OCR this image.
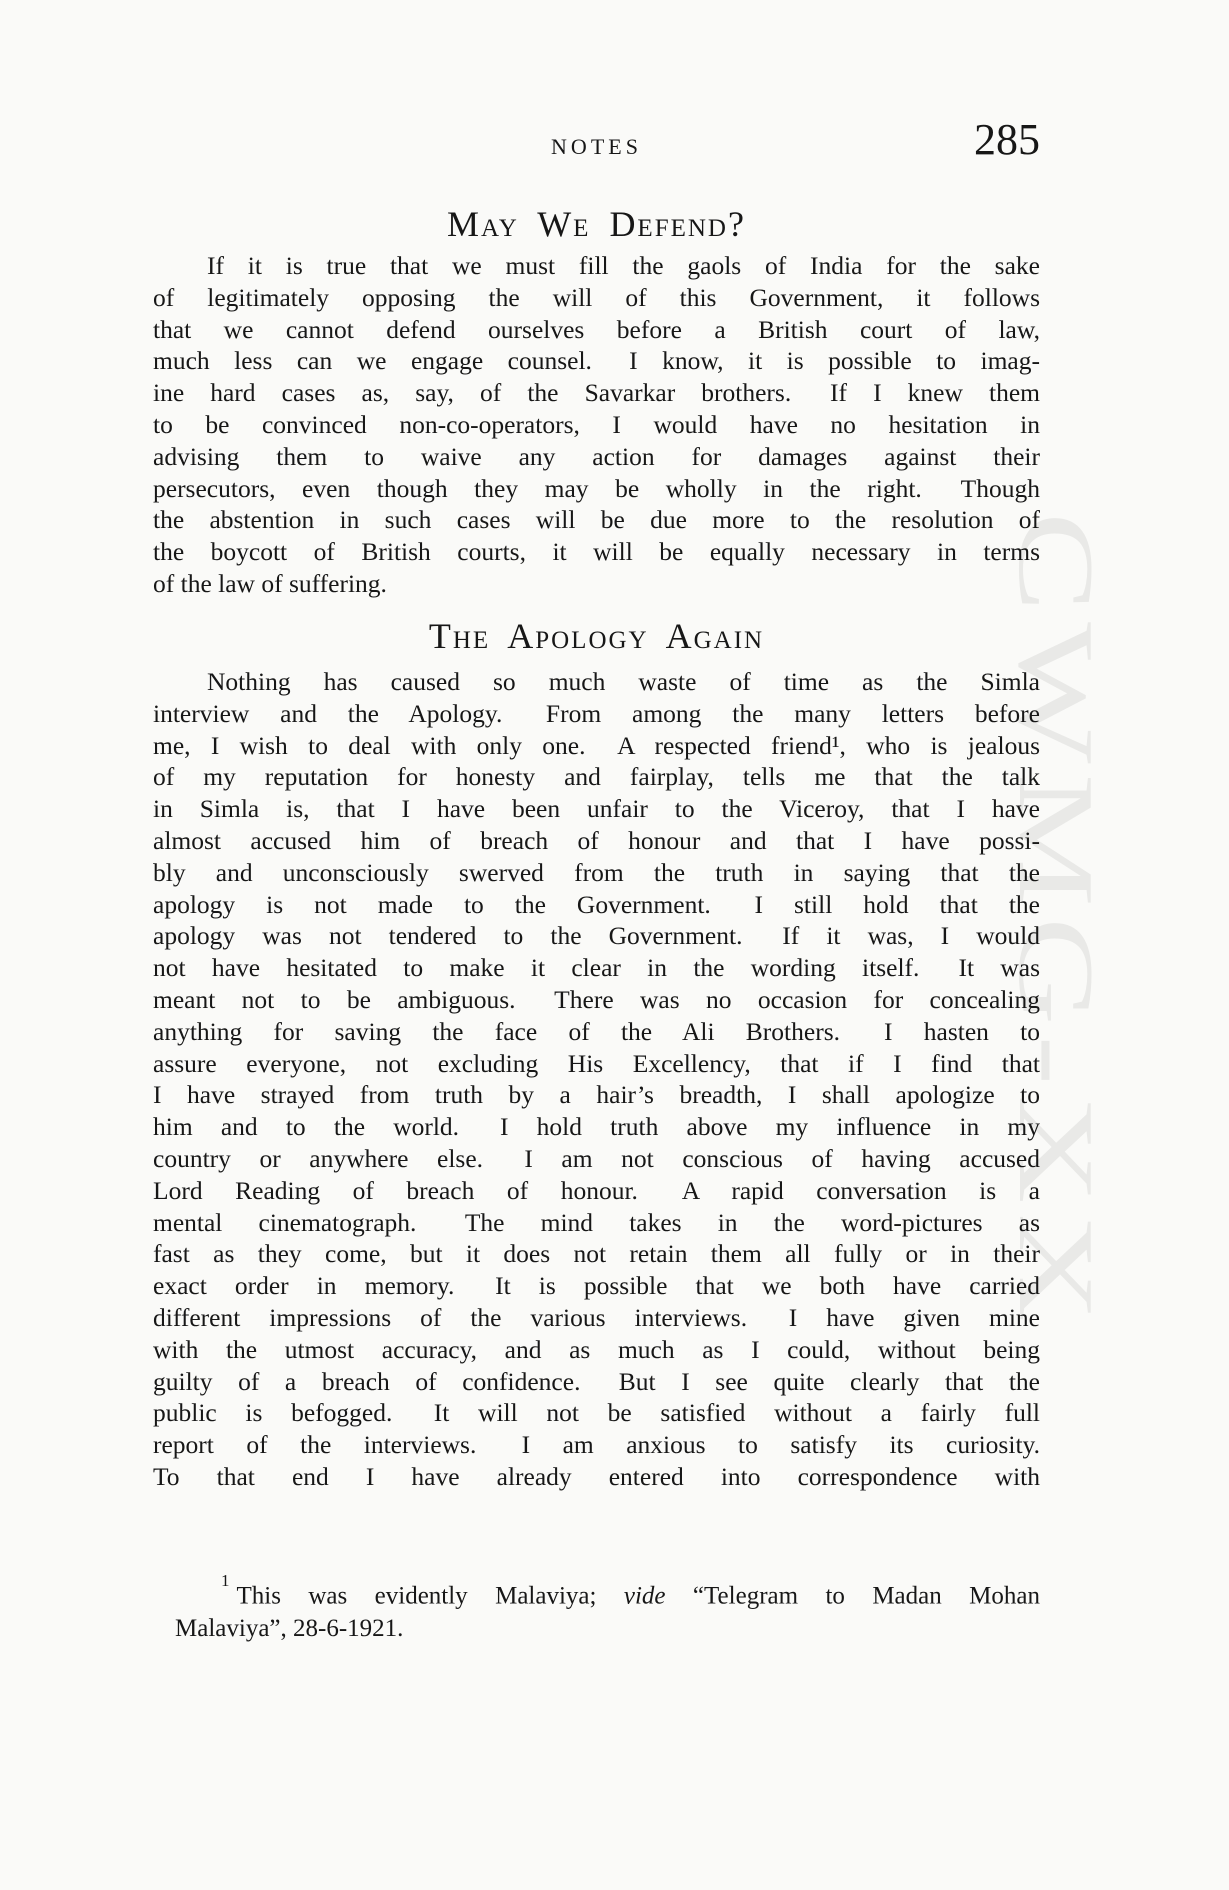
CWMG-XX
NOTES	285
May We Defend?
If it is true that we must fill the gaols of India for the sake
of legitimately opposing the will of this Government, it follows
that we cannot defend ourselves before a British court of law,
much less can we engage counsel.  I know, it is possible to imag-
ine hard cases as, say, of the Savarkar brothers.  If I knew them
to be convinced non-co-operators, I would have no hesitation in
advising them to waive any action for damages against their
persecutors, even though they may be wholly in the right.  Though
the abstention in such cases will be due more to the resolution of
the boycott of British courts, it will be equally necessary in terms
of the law of suffering.
The Apology Again
Nothing has caused so much waste of time as the Simla
interview and the Apology.  From among the many letters before
me, I wish to deal with only one.  A respected friend¹, who is jealous
of my reputation for honesty and fairplay, tells me that the talk
in Simla is, that I have been unfair to the Viceroy, that I have
almost accused him of breach of honour and that I have possi-
bly and unconsciously swerved from the truth in saying that the
apology is not made to the Government.  I still hold that the
apology was not tendered to the Government.  If it was, I would
not have hesitated to make it clear in the wording itself.  It was
meant not to be ambiguous.  There was no occasion for concealing
anything for saving the face of the Ali Brothers.  I hasten to
assure everyone, not excluding His Excellency, that if I find that
I have strayed from truth by a hair’s breadth, I shall apologize to
him and to the world.  I hold truth above my influence in my
country or anywhere else.  I am not conscious of having accused
Lord Reading of breach of honour.  A rapid conversation is a
mental cinematograph.  The mind takes in the word-pictures as
fast as they come, but it does not retain them all fully or in their
exact order in memory.  It is possible that we both have carried
different impressions of the various interviews.  I have given mine
with the utmost accuracy, and as much as I could, without being
guilty of a breach of confidence.  But I see quite clearly that the
public is befogged.  It will not be satisfied without a fairly full
report of the interviews.  I am anxious to satisfy its curiosity.
To that end I have already entered into correspondence with
$^1$This was evidently Malaviya; vide “Telegram to Madan Mohan
Malaviya”, 28-6-1921.
